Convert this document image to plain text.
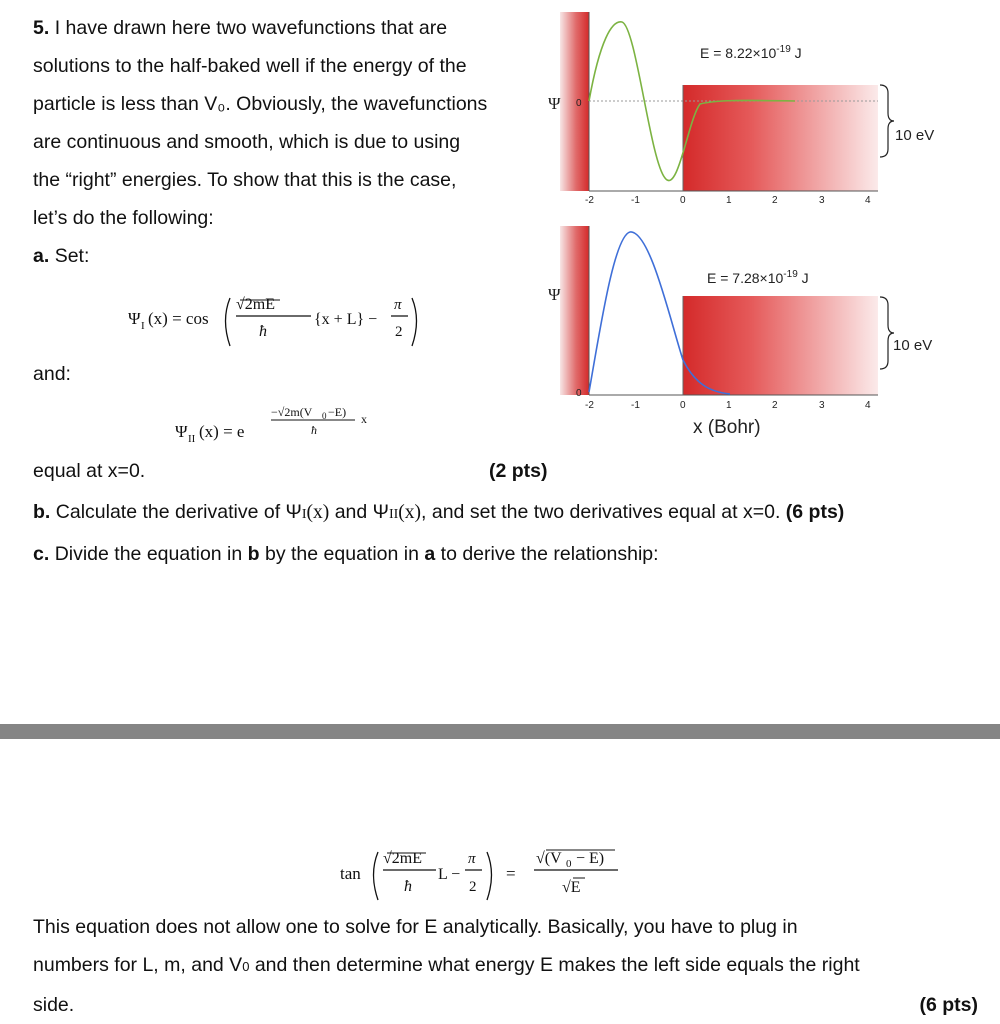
5. I have drawn here two wavefunctions that are
solutions to the half-baked well if the energy of the
particle is less than V₀. Obviously, the wavefunctions
are continuous and smooth, which is due to using
the “right” energies. To show that this is the case,
let’s do the following:
a. Set:
Ψ I (x) = cos
√2mE
ħ
{x + L} −
π
2
and:
Ψ II (x) = e
−√2m(V 0 −E)
ħ
x
equal at x=0.	(2 pts)
b. Calculate the derivative of ΨI(x) and ΨII(x), and set the two derivatives equal at x=0. (6 pts)
c. Divide the equation in b by the equation in a to derive the relationship:
tan
√2mE
ħ
L −
π
2
=
√(V 0 − E)
√E
This equation does not allow one to solve for E analytically. Basically, you have to plug in
numbers for L, m, and V0 and then determine what energy E makes the left side equals the right
side.	(6 pts)
Ψ 0
$E = 8.22\times 10^{-19}$ J
10 eV
-2	-1	0	1	2	3	4
Ψ
0
$E = 7.28\times 10^{-19}$ J
10 eV
-2	-1	0	1	2	3	4
x (Bohr)
